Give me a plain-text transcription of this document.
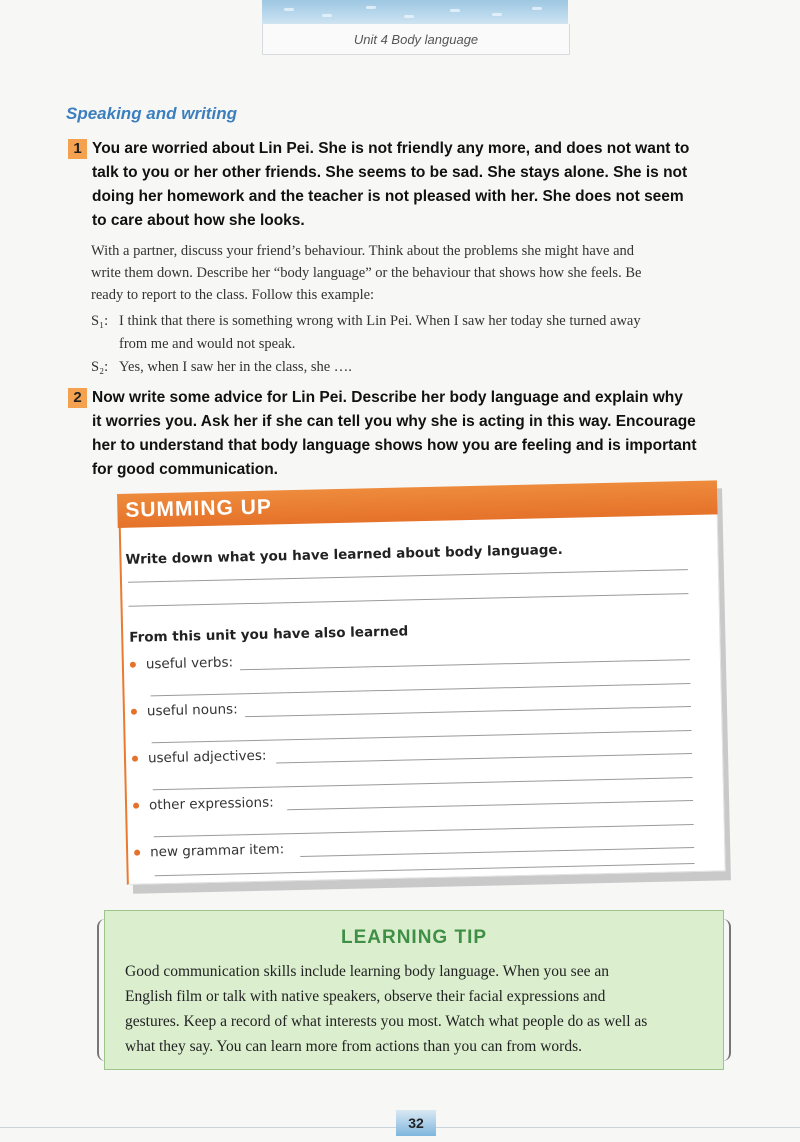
Unit 4 Body language
Speaking and writing
1 You are worried about Lin Pei. She is not friendly any more, and does not want to
talk to you or her other friends. She seems to be sad. She stays alone. She is not
doing her homework and the teacher is not pleased with her. She does not seem
to care about how she looks.
With a partner, discuss your friend’s behaviour. Think about the problems she might have and
write them down. Describe her “body language” or the behaviour that shows how she feels. Be
ready to report to the class. Follow this example:
S₁: I think that there is something wrong with Lin Pei. When I saw her today she turned away
from me and would not speak.
S₂: Yes, when I saw her in the class, she ….
2 Now write some advice for Lin Pei. Describe her body language and explain why
it worries you. Ask her if she can tell you why she is acting in this way. Encourage
her to understand that body language shows how you are feeling and is important
for good communication.
SUMMING UP
Write down what you have learned about body language.
From this unit you have also learned
useful verbs:
useful nouns:
useful adjectives:
other expressions:
new grammar item:
LEARNING TIP
Good communication skills include learning body language. When you see an
English film or talk with native speakers, observe their facial expressions and
gestures. Keep a record of what interests you most. Watch what people do as well as
what they say. You can learn more from actions than you can from words.
32
